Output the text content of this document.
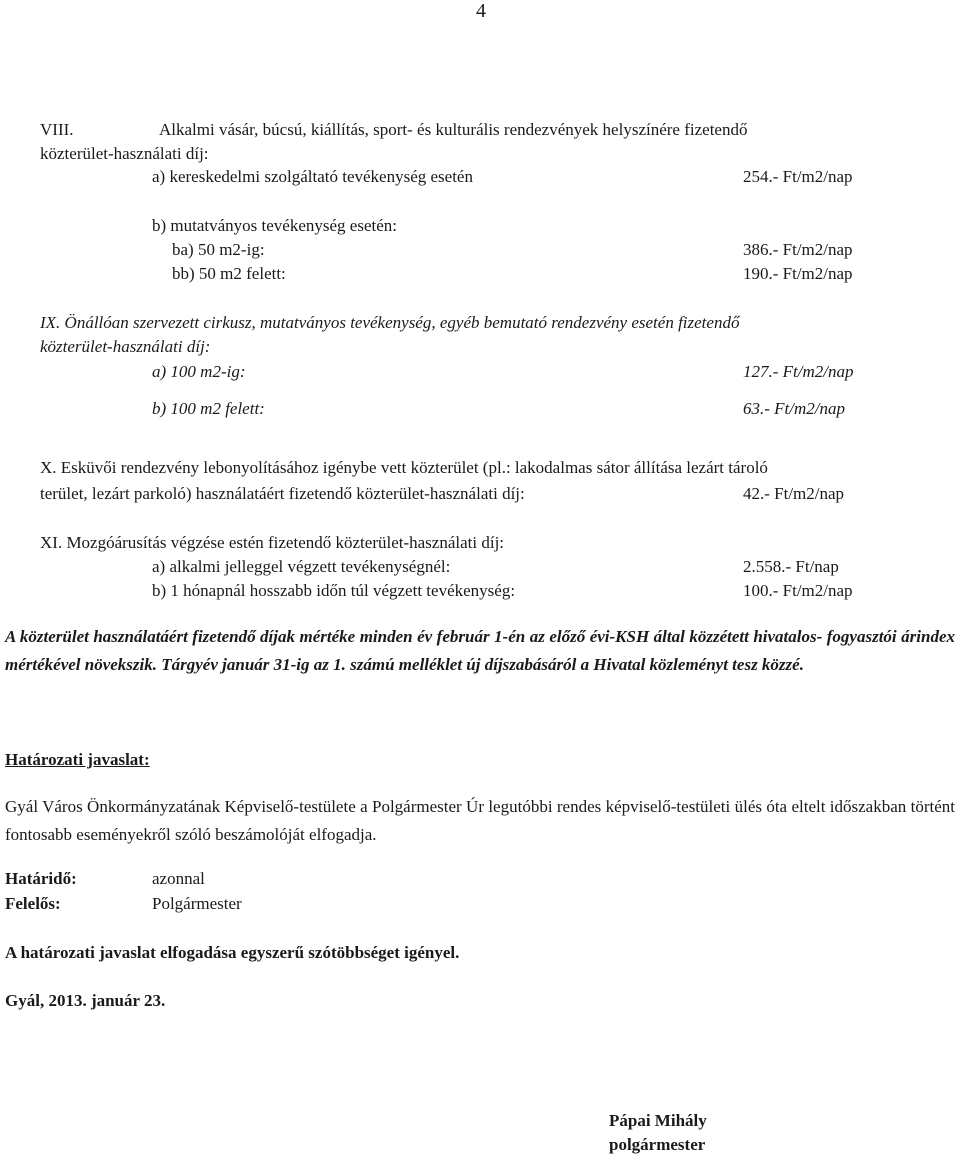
4
VIII.	Alkalmi vásár, búcsú, kiállítás, sport- és kulturális rendezvények helyszínére fizetendő
közterület-használati díj:
a) kereskedelmi szolgáltató tevékenység esetén	254.- Ft/m2/nap
b) mutatványos tevékenység esetén:
ba) 50 m2-ig:	386.- Ft/m2/nap
bb) 50 m2 felett:	190.- Ft/m2/nap
IX. Önállóan szervezett cirkusz, mutatványos tevékenység, egyéb bemutató rendezvény esetén fizetendő
közterület-használati díj:
a) 100 m2-ig:	127.- Ft/m2/nap
b) 100 m2 felett:	63.- Ft/m2/nap
X. Esküvői rendezvény lebonyolításához igénybe vett közterület (pl.: lakodalmas sátor állítása lezárt tároló
terület, lezárt parkoló) használatáért fizetendő közterület-használati díj:	42.- Ft/m2/nap
XI. Mozgóárusítás végzése estén fizetendő közterület-használati díj:
a) alkalmi jelleggel végzett tevékenységnél:	2.558.- Ft/nap
b) 1 hónapnál hosszabb időn túl végzett tevékenység:	100.- Ft/m2/nap
A közterület használatáért fizetendő díjak mértéke minden év február 1-én az előző évi-KSH által közzétett hivatalos- fogyasztói árindex mértékével növekszik. Tárgyév január 31-ig az 1. számú melléklet új díjszabásáról a Hivatal közleményt tesz közzé.
Határozati javaslat:
Gyál Város Önkormányzatának Képviselő-testülete a Polgármester Úr legutóbbi rendes képviselő-testületi ülés óta eltelt időszakban történt fontosabb eseményekről szóló beszámolóját elfogadja.
Határidő:	azonnal
Felelős:	Polgármester
A határozati javaslat elfogadása egyszerű szótöbbséget igényel.
Gyál, 2013. január 23.
Pápai Mihály
polgármester
